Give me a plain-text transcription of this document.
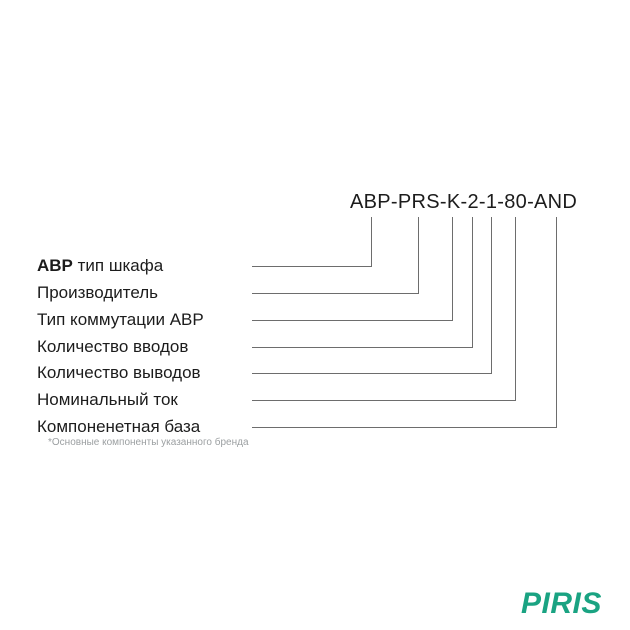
ABP-PRS-K-2-1-80-AND
АВР тип шкафа
Производитель
Тип коммутации АВР
Количество вводов
Количество выводов
Номинальный ток
Компоненетная база
*Основные компоненты указанного бренда
PIRIS
